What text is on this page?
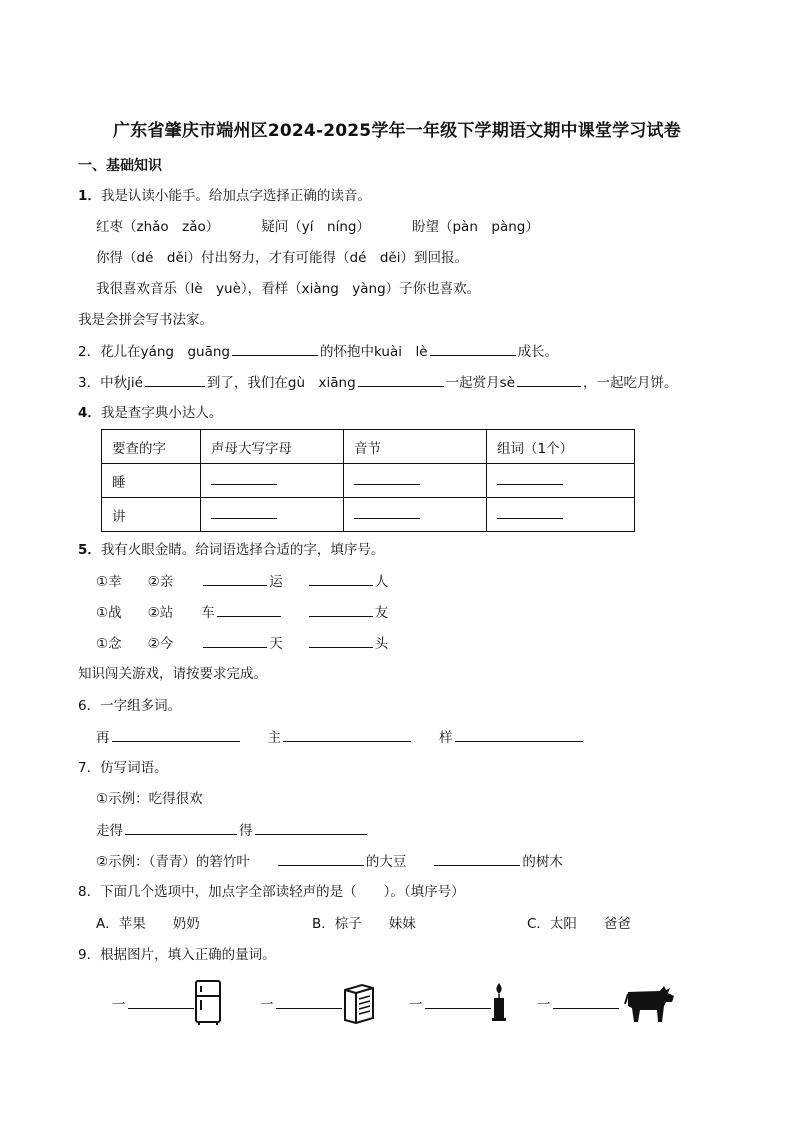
广东省肇庆市端州区2024-2025学年一年级下学期语文期中课堂学习试卷
一、基础知识
1．我是认读小能手。给加点字选择正确的读音。
红枣（zhǎo　zǎo）	疑问（yí　níng）	盼望（pàn　pàng）
你得（dé　děi）付出努力，才有可能得（dé　děi）到回报。
我很喜欢音乐（lè　yuè），看样（xiàng　yàng）子你也喜欢。
我是会拼会写书法家。
2．花儿在yáng　guāng	的怀抱中kuài　lè	成长。
3．中秋jié	到了，我们在gù　xiāng	一起赏月sè	，一起吃月饼。
4．我是查字典小达人。
要查的字	声母大写字母	音节	组词（1个）
睡			
讲			
5．我有火眼金睛。给词语选择合适的字，填序号。
①幸 ②亲	运	人
①战 ②站 车	友
①念 ②今	天	头
知识闯关游戏，请按要求完成。
6．一字组多词。
再	主	样
7．仿写词语。
①示例：吃得很欢
走得	得
②示例：（青青）的箬竹叶	的大豆	的树木
8．下面几个选项中，加点字全部读轻声的是（　　）。（填序号）
A．苹果　　奶奶	B．棕子　　妹妹	C．太阳　　爸爸
9．根据图片，填入正确的量词。
一	一	一	一
